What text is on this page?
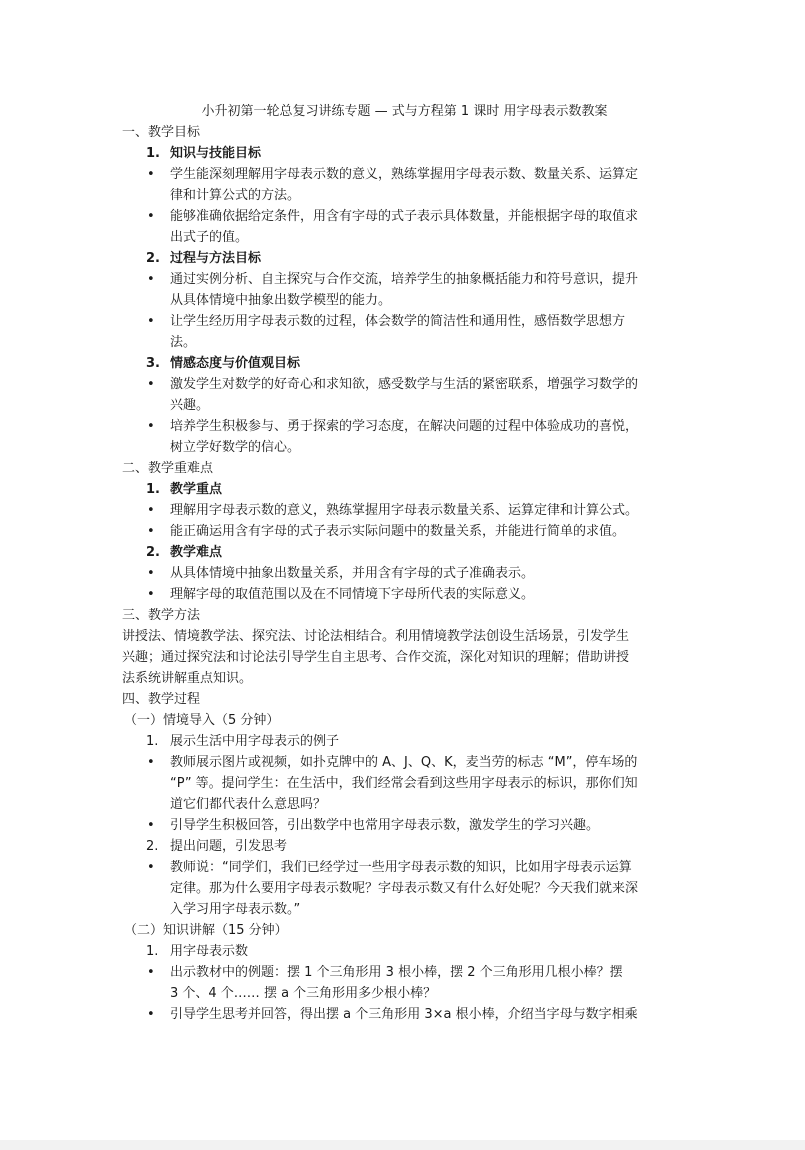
小升初第一轮总复习讲练专题 — 式与方程第 1 课时 用字母表示数教案
一、教学目标
1. 知识与技能目标
• 学生能深刻理解用字母表示数的意义，熟练掌握用字母表示数、数量关系、运算定
律和计算公式的方法。
• 能够准确依据给定条件，用含有字母的式子表示具体数量，并能根据字母的取值求
出式子的值。
2. 过程与方法目标
• 通过实例分析、自主探究与合作交流，培养学生的抽象概括能力和符号意识，提升
从具体情境中抽象出数学模型的能力。
• 让学生经历用字母表示数的过程，体会数学的简洁性和通用性，感悟数学思想方
法。
3. 情感态度与价值观目标
• 激发学生对数学的好奇心和求知欲，感受数学与生活的紧密联系，增强学习数学的
兴趣。
• 培养学生积极参与、勇于探索的学习态度，在解决问题的过程中体验成功的喜悦，
树立学好数学的信心。
二、教学重难点
1. 教学重点
• 理解用字母表示数的意义，熟练掌握用字母表示数量关系、运算定律和计算公式。
• 能正确运用含有字母的式子表示实际问题中的数量关系，并能进行简单的求值。
2. 教学难点
• 从具体情境中抽象出数量关系，并用含有字母的式子准确表示。
• 理解字母的取值范围以及在不同情境下字母所代表的实际意义。
三、教学方法
讲授法、情境教学法、探究法、讨论法相结合。利用情境教学法创设生活场景，引发学生
兴趣；通过探究法和讨论法引导学生自主思考、合作交流，深化对知识的理解；借助讲授
法系统讲解重点知识。
四、教学过程
（一）情境导入（5 分钟）
1. 展示生活中用字母表示的例子
• 教师展示图片或视频，如扑克牌中的 A、J、Q、K，麦当劳的标志 “M”，停车场的
“P” 等。提问学生：在生活中，我们经常会看到这些用字母表示的标识，那你们知
道它们都代表什么意思吗？
• 引导学生积极回答，引出数学中也常用字母表示数，激发学生的学习兴趣。
2. 提出问题，引发思考
• 教师说：“同学们，我们已经学过一些用字母表示数的知识，比如用字母表示运算
定律。那为什么要用字母表示数呢？字母表示数又有什么好处呢？今天我们就来深
入学习用字母表示数。”
（二）知识讲解（15 分钟）
1. 用字母表示数
• 出示教材中的例题：摆 1 个三角形用 3 根小棒，摆 2 个三角形用几根小棒？摆
3 个、4 个…… 摆 a 个三角形用多少根小棒？
• 引导学生思考并回答，得出摆 a 个三角形用 3×a 根小棒，介绍当字母与数字相乘
